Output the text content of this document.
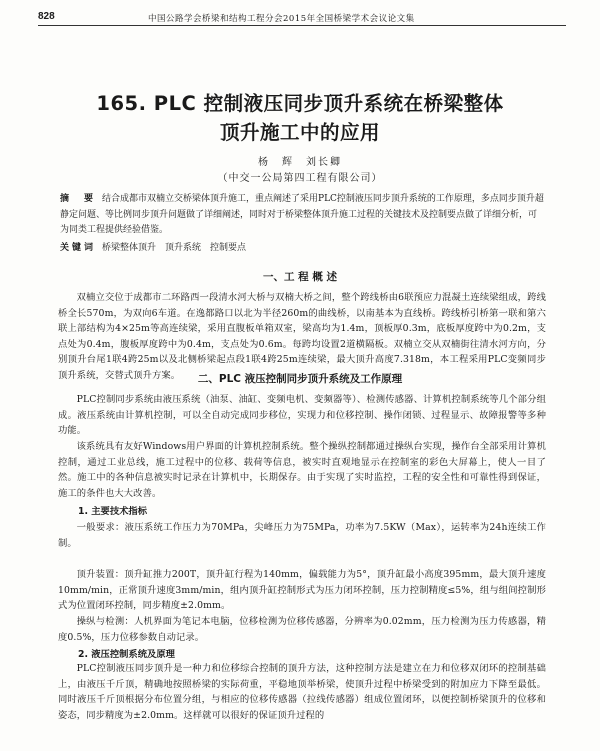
828	中国公路学会桥梁和结构工程分会2015年全国桥梁学术会议论文集
165. PLC 控制液压同步顶升系统在桥梁整体
顶升施工中的应用
杨　辉　刘长卿
（中交一公局第四工程有限公司）
摘　要 结合成都市双楠立交桥梁体顶升施工，重点阐述了采用PLC控制液压同步顶升系统的工作原理，多点同步顶升超静定问题、等比例同步顶升问题做了详细阐述，同时对于桥梁整体顶升施工过程的关键技术及控制要点做了详细分析，可为同类工程提供经验借鉴。
关键词 桥梁整体顶升　顶升系统　控制要点
一、工 程 概 述
双楠立交位于成都市二环路西一段清水河大桥与双楠大桥之间，整个跨线桥由6联预应力混凝土连续梁组成，跨线桥全长570m，为双向6车道。在逸都路口以北为半径260m的曲线桥，以南基本为直线桥。跨线桥引桥第一联和第六联上部结构为4×25m等高连续梁，采用直腹板单箱双室，梁高均为1.4m，顶板厚0.3m，底板厚度跨中为0.2m，支点处为0.4m，腹板厚度跨中为0.4m，支点处为0.6m。每跨均设置2道横隔板。双楠立交从双楠街往清水河方向，分别顶升台尾1联4跨25m以及北侧桥梁起点段1联4跨25m连续梁，最大顶升高度7.318m，本工程采用PLC变频同步顶升系统，交替式顶升方案。	二、PLC 液压控制同步顶升系统及工作原理
PLC控制同步系统由液压系统（油泵、油缸、变频电机、变频器等）、检测传感器、计算机控制系统等几个部分组成。液压系统由计算机控制，可以全自动完成同步移位，实现力和位移控制、操作闭锁、过程显示、故障报警等多种功能。
该系统具有友好Windows用户界面的计算机控制系统。整个操纵控制都通过操纵台实现，操作台全部采用计算机控制，通过工业总线，施工过程中的位移、载荷等信息，被实时直观地显示在控制室的彩色大屏幕上，使人一目了然。施工中的各种信息被实时记录在计算机中，长期保存。由于实现了实时监控，工程的安全性和可靠性得到保证，施工的条件也大大改善。
1. 主要技术指标
一般要求：液压系统工作压力为70MPa，尖峰压力为75MPa，功率为7.5KW（Max），运转率为24h连续工作制。
顶升装置：顶升缸推力200T，顶升缸行程为140mm，偏载能力为5°，顶升缸最小高度395mm，最大顶升速度10mm/min，正常顶升速度3mm/min，组内顶升缸控制形式为压力闭环控制，压力控制精度≤5%，组与组间控制形式为位置闭环控制，同步精度±2.0mm。
操纵与检测：人机界面为笔记本电脑，位移检测为位移传感器，分辨率为0.02mm，压力检测为压力传感器，精度0.5%，压力位移参数自动记录。
2. 液压控制系统及原理
PLC控制液压同步顶升是一种力和位移综合控制的顶升方法，这种控制方法是建立在力和位移双闭环的控制基础上，由液压千斤顶，精确地按照桥梁的实际荷重，平稳地顶举桥梁，使顶升过程中桥梁受到的附加应力下降至最低。同时液压千斤顶根据分布位置分组，与相应的位移传感器（拉线传感器）组成位置闭环，以便控制桥梁顶升的位移和姿态，同步精度为±2.0mm。这样就可以很好的保证顶升过程的
